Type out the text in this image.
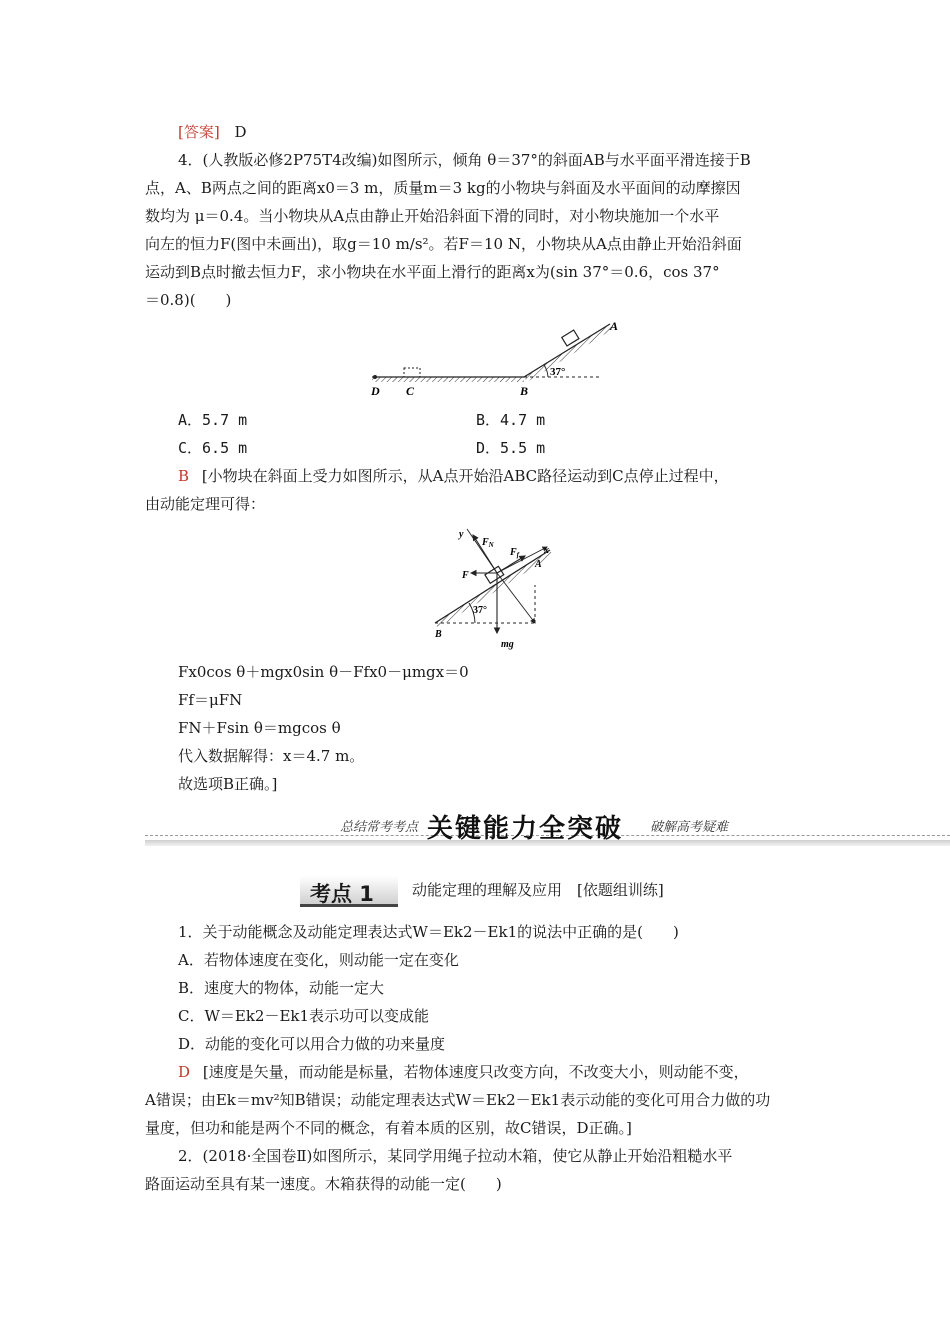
[答案] D
4．(人教版必修2P75T4改编)如图所示，倾角 θ＝37°的斜面AB与水平面平滑连接于B
点，A、B两点之间的距离x0＝3 m，质量m＝3 kg的小物块与斜面及水平面间的动摩擦因
数均为 μ＝0.4。当小物块从A点由静止开始沿斜面下滑的同时，对小物块施加一个水平
向左的恒力F(图中未画出)，取g＝10 m/s²。若F＝10 N，小物块从A点由静止开始沿斜面
运动到B点时撤去恒力F，求小物块在水平面上滑行的距离x为(sin 37°＝0.6，cos 37°
＝0.8)(　　)
37°
A
B
C
D
A．5.7 m	B．4.7 m
C．6.5 m	D．5.5 m
B [小物块在斜面上受力如图所示，从A点开始沿ABC路径运动到C点停止过程中，
由动能定理可得：
37°
y
x
$F_N$
$F_f$
F
A
B
mg
Fx0cos θ＋mgx0sin θ－Ffx0－μmgx＝0
Ff＝μFN
FN＋Fsin θ＝mgcos θ
代入数据解得：x＝4.7 m。
故选项B正确。]
总结常考考点 关键能力全突破 破解高考疑难
考点 1	动能定理的理解及应用　[依题组训练]
1．关于动能概念及动能定理表达式W＝Ek2－Ek1的说法中正确的是(　　)
A．若物体速度在变化，则动能一定在变化
B．速度大的物体，动能一定大
C．W＝Ek2－Ek1表示功可以变成能
D．动能的变化可以用合力做的功来量度
D [速度是矢量，而动能是标量，若物体速度只改变方向，不改变大小，则动能不变，
A错误；由Ek＝mv²知B错误；动能定理表达式W＝Ek2－Ek1表示动能的变化可用合力做的功
量度，但功和能是两个不同的概念，有着本质的区别，故C错误，D正确。]
2．(2018·全国卷Ⅱ)如图所示，某同学用绳子拉动木箱，使它从静止开始沿粗糙水平
路面运动至具有某一速度。木箱获得的动能一定(　　)
